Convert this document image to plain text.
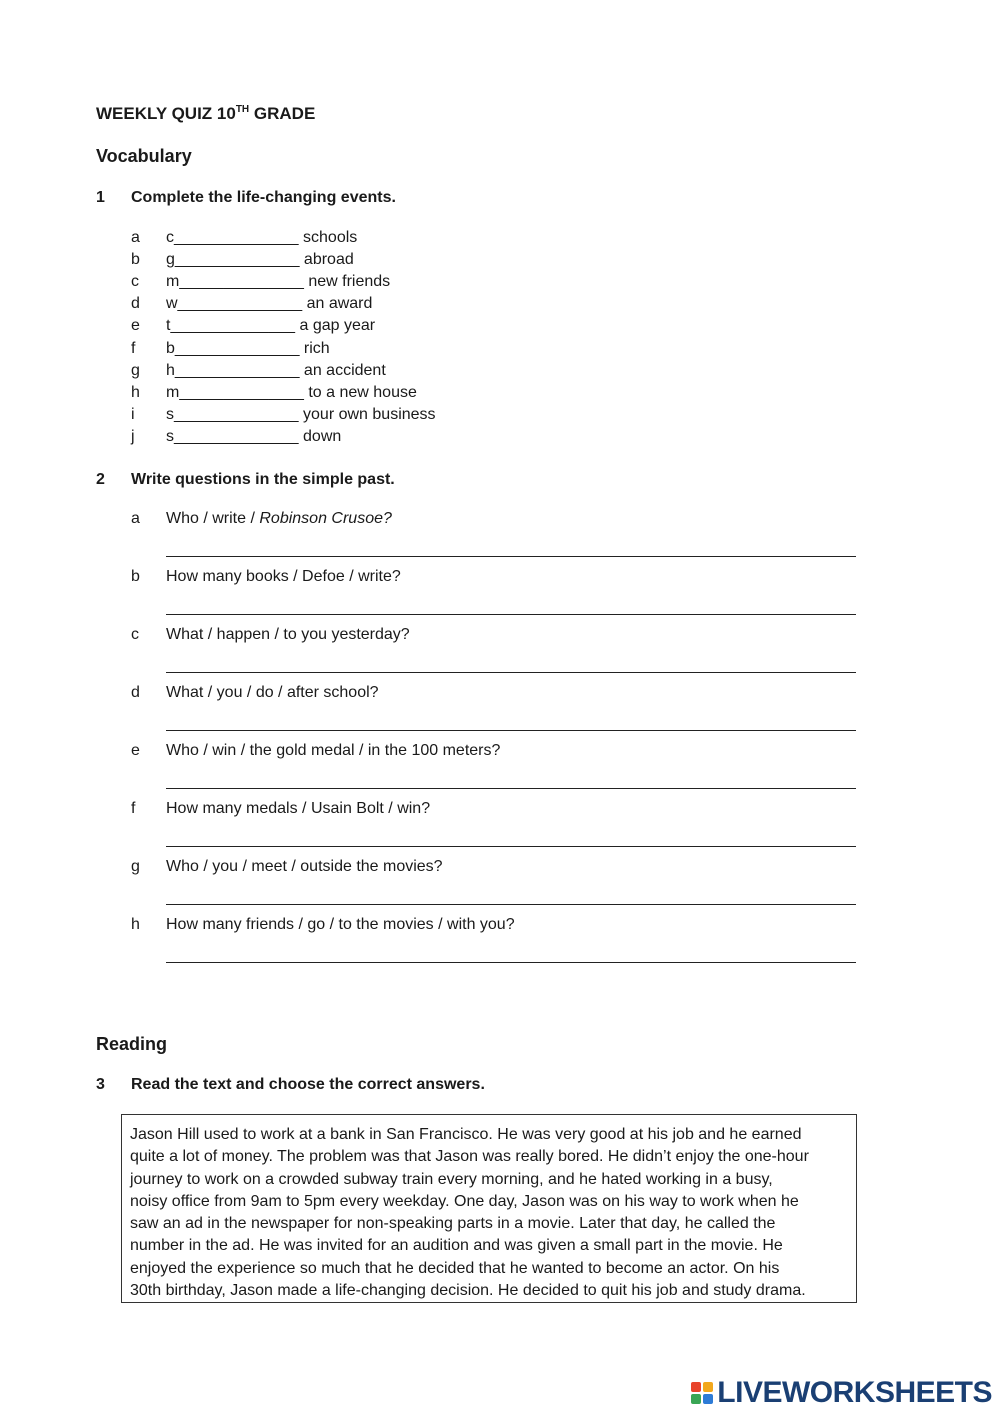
WEEKLY QUIZ 10TH GRADE
Vocabulary
1 Complete the life-changing events.
a c______________ schools
b g______________ abroad
c m______________ new friends
d w______________ an award
e t______________ a gap year
f b______________ rich
g h______________ an accident
h m______________ to a new house
i s______________ your own business
j s______________ down
2 Write questions in the simple past.
a Who / write / Robinson Crusoe?
b How many books / Defoe / write?
c What / happen / to you yesterday?
d What / you / do / after school?
e Who / win / the gold medal / in the 100 meters?
f How many medals / Usain Bolt / win?
g Who / you / meet / outside the movies?
h How many friends / go / to the movies / with you?
Reading
3 Read the text and choose the correct answers.
Jason Hill used to work at a bank in San Francisco. He was very good at his job and he earned
quite a lot of money. The problem was that Jason was really bored. He didn’t enjoy the one-hour
journey to work on a crowded subway train every morning, and he hated working in a busy,
noisy office from 9am to 5pm every weekday. One day, Jason was on his way to work when he
saw an ad in the newspaper for non-speaking parts in a movie. Later that day, he called the
number in the ad. He was invited for an audition and was given a small part in the movie. He
enjoyed the experience so much that he decided that he wanted to become an actor. On his
30th birthday, Jason made a life-changing decision. He decided to quit his job and study drama.
LIVEWORKSHEETS
